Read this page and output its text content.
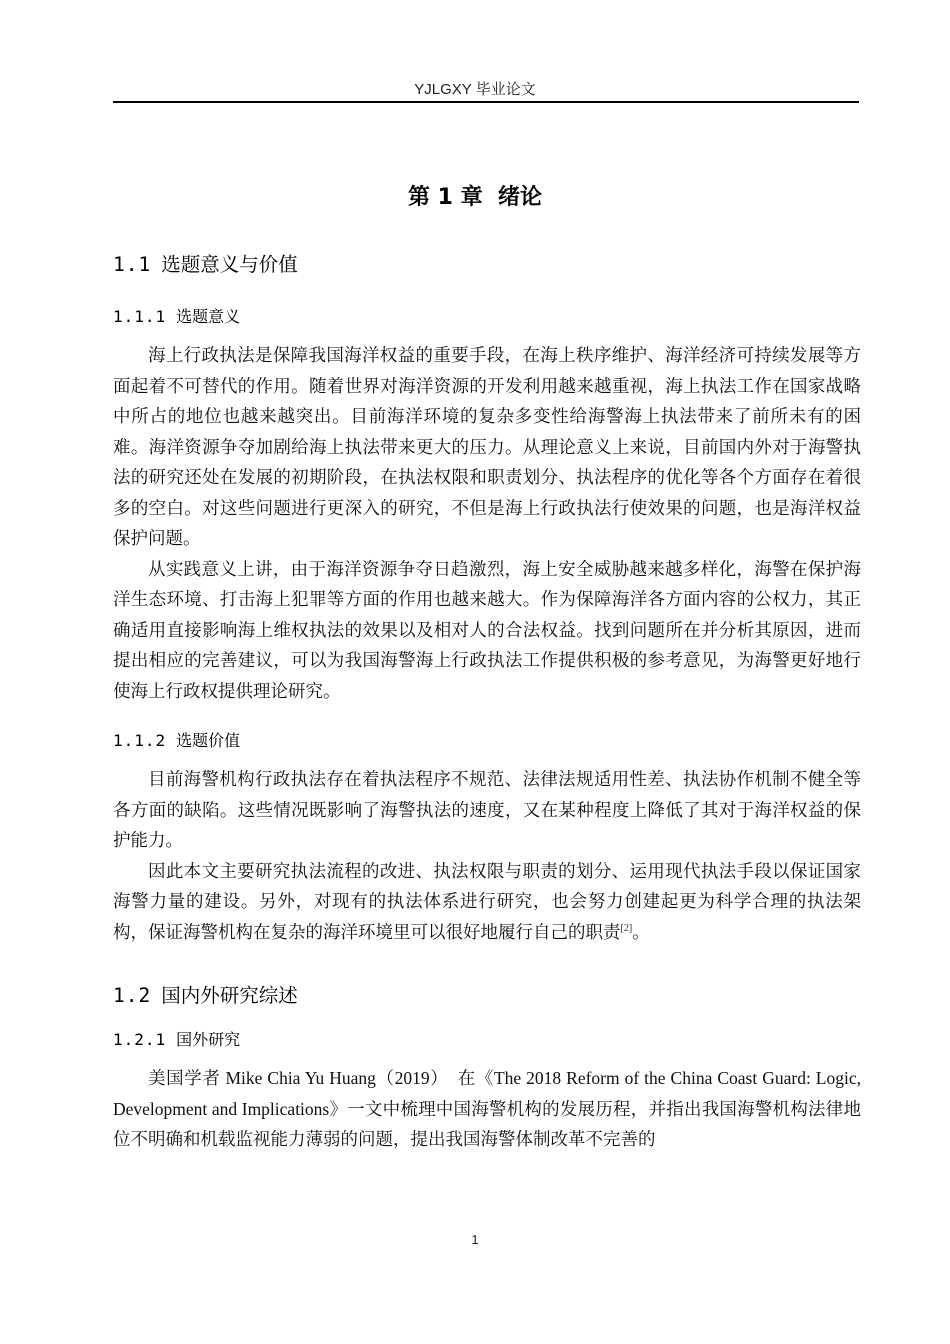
YJLGXY 毕业论文
第 1 章 绪论
1.1 选题意义与价值
1.1.1 选题意义

海上行政执法是保障我国海洋权益的重要手段，在海上秩序维护、海洋经济可持续发展等方面起着不可替代的作用。随着世界对海洋资源的开发利用越来越重视，海上执法工作在国家战略中所占的地位也越来越突出。目前海洋环境的复杂多变性给海警海上执法带来了前所未有的困难。海洋资源争夺加剧给海上执法带来更大的压力。从理论意义上来说，目前国内外对于海警执法的研究还处在发展的初期阶段，在执法权限和职责划分、执法程序的优化等各个方面存在着很多的空白。对这些问题进行更深入的研究，不但是海上行政执法行使效果的问题，也是海洋权益保护问题。

从实践意义上讲，由于海洋资源争夺日趋激烈，海上安全威胁越来越多样化，海警在保护海洋生态环境、打击海上犯罪等方面的作用也越来越大。作为保障海洋各方面内容的公权力，其正确适用直接影响海上维权执法的效果以及相对人的合法权益。找到问题所在并分析其原因，进而提出相应的完善建议，可以为我国海警海上行政执法工作提供积极的参考意见，为海警更好地行使海上行政权提供理论研究。

1.1.2 选题价值

目前海警机构行政执法存在着执法程序不规范、法律法规适用性差、执法协作机制不健全等各方面的缺陷。这些情况既影响了海警执法的速度，又在某种程度上降低了其对于海洋权益的保护能力。

因此本文主要研究执法流程的改进、执法权限与职责的划分、运用现代执法手段以保证国家海警力量的建设。另外，对现有的执法体系进行研究，也会努力创建起更为科学合理的执法架构，保证海警机构在复杂的海洋环境里可以很好地履行自己的职责[2]。

1.2 国内外研究综述
1.2.1 国外研究

美国学者 Mike Chia Yu Huang（2019）　在《The 2018 Reform of the China Coast Guard: Logic, Development and Implications》一文中梳理中国海警机构的发展历程，并指出我国海警机构法律地位不明确和机载监视能力薄弱的问题，提出我国海警体制改革不完善的

1
